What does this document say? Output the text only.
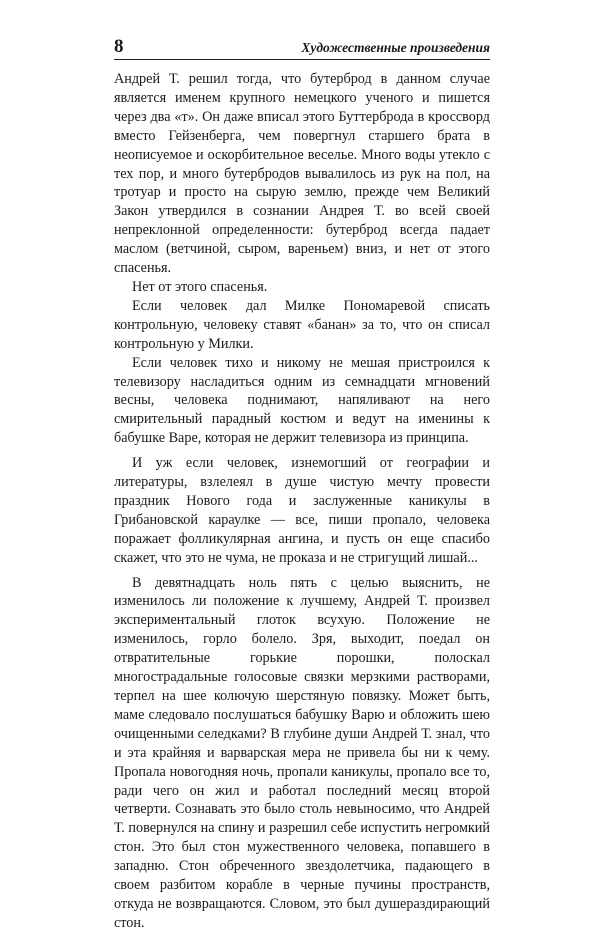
8	Художественные произведения

Андрей Т. решил тогда, что бутерброд в данном случае является именем крупного немецкого ученого и пишется через два «т». Он даже вписал этого Буттерброда в кроссворд вместо Гейзенберга, чем повергнул старшего брата в неописуемое и оскорбительное веселье. Много воды утекло с тех пор, и много бутербродов вывалилось из рук на пол, на тротуар и просто на сырую землю, прежде чем Великий Закон утвердился в сознании Андрея Т. во всей своей непреклонной определенности: бутерброд всегда падает маслом (ветчиной, сыром, вареньем) вниз, и нет от этого спасенья.

Нет от этого спасенья.

Если человек дал Милке Пономаревой списать контрольную, человеку ставят «банан» за то, что он списал контрольную у Милки.

Если человек тихо и никому не мешая пристроился к телевизору насладиться одним из семнадцати мгновений весны, человека поднимают, напяливают на него смирительный парадный костюм и ведут на именины к бабушке Варе, которая не держит телевизора из принципа.

И уж если человек, изнемогший от географии и литературы, взлелеял в душе чистую мечту провести праздник Нового года и заслуженные каникулы в Грибановской караулке — все, пиши пропало, человека поражает фолликулярная ангина, и пусть он еще спасибо скажет, что это не чума, не проказа и не стригущий лишай...

В девятнадцать ноль пять с целью выяснить, не изменилось ли положение к лучшему, Андрей Т. произвел экспериментальный глоток всухую. Положение не изменилось, горло болело. Зря, выходит, поедал он отвратительные горькие порошки, полоскал многострадальные голосовые связки мерзкими растворами, терпел на шее колючую шерстяную повязку. Может быть, маме следовало послушаться бабушку Варю и обложить шею очищенными селедками? В глубине души Андрей Т. знал, что и эта крайняя и варварская мера не привела бы ни к чему. Пропала новогодняя ночь, пропали каникулы, пропало все то, ради чего он жил и работал последний месяц второй четверти. Сознавать это было столь невыносимо, что Андрей Т. повернулся на спину и разрешил себе испустить негромкий стон. Это был стон мужественного человека, попавшего в западню. Стон обреченного звездолетчика, падающего в своем разбитом корабле в черные пучины пространств, откуда не возвращаются. Словом, это был душераздирающий стон.
